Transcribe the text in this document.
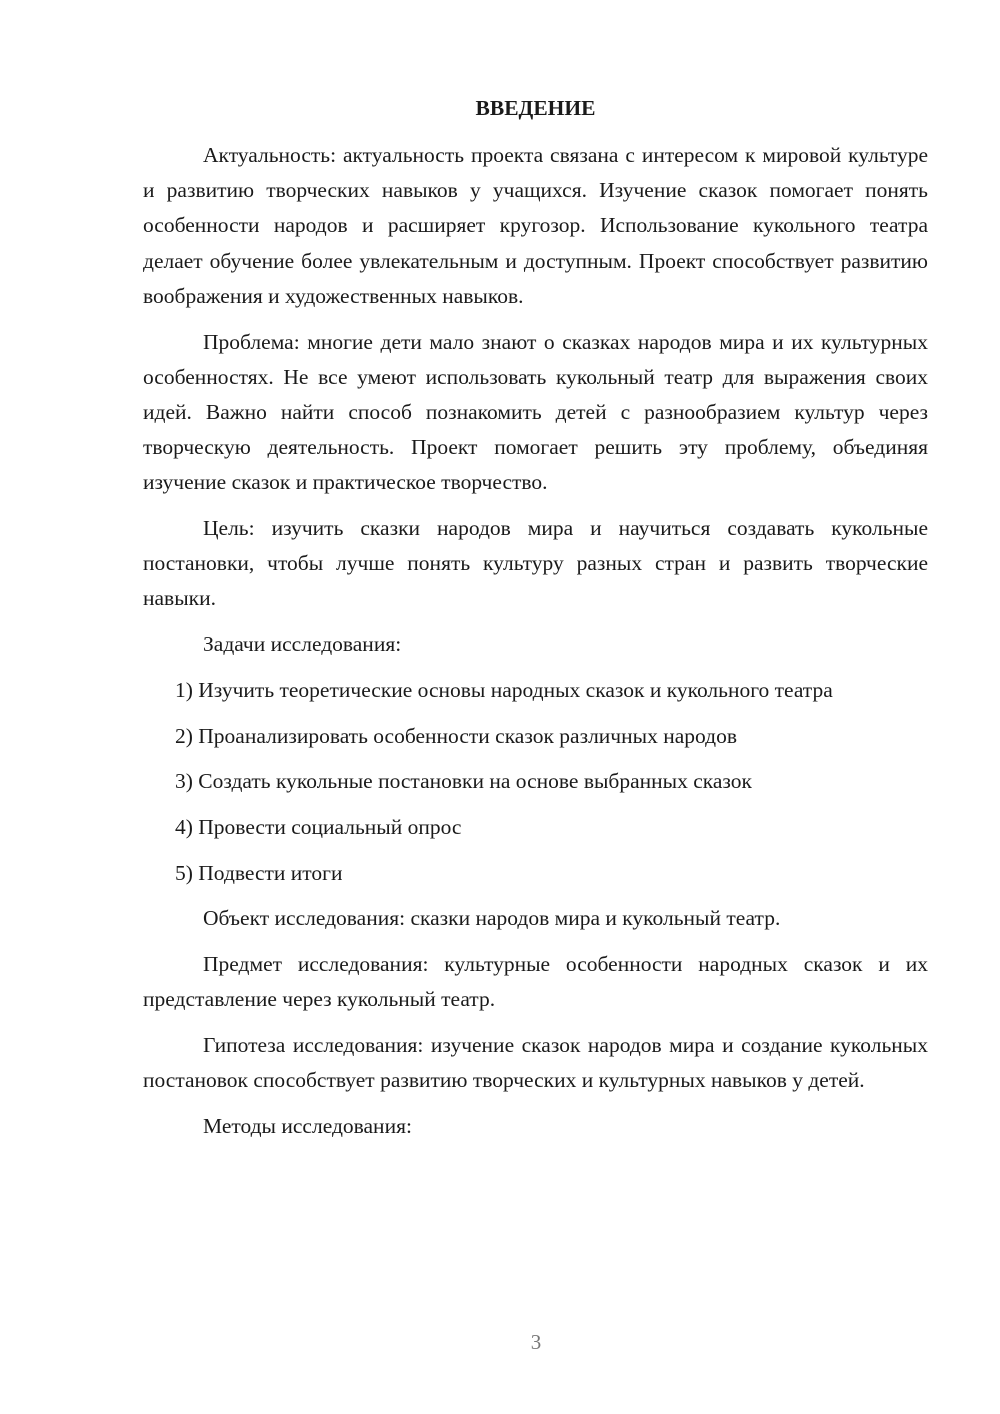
ВВЕДЕНИЕ

Актуальность: актуальность проекта связана с интересом к мировой культуре и развитию творческих навыков у учащихся. Изучение сказок помогает понять особенности народов и расширяет кругозор. Использование кукольного театра делает обучение более увлекательным и доступным. Проект способствует развитию воображения и художественных навыков.

Проблема: многие дети мало знают о сказках народов мира и их культурных особенностях. Не все умеют использовать кукольный театр для выражения своих идей. Важно найти способ познакомить детей с разнообразием культур через творческую деятельность. Проект помогает решить эту проблему, объединяя изучение сказок и практическое творчество.

Цель: изучить сказки народов мира и научиться создавать кукольные постановки, чтобы лучше понять культуру разных стран и развить творческие навыки.

Задачи исследования:

1) Изучить теоретические основы народных сказок и кукольного театра

2) Проанализировать особенности сказок различных народов

3) Создать кукольные постановки на основе выбранных сказок

4) Провести социальный опрос

5) Подвести итоги

Объект исследования: сказки народов мира и кукольный театр.

Предмет исследования: культурные особенности народных сказок и их представление через кукольный театр.

Гипотеза исследования: изучение сказок народов мира и создание кукольных постановок способствует развитию творческих и культурных навыков у детей.

Методы исследования:

3
